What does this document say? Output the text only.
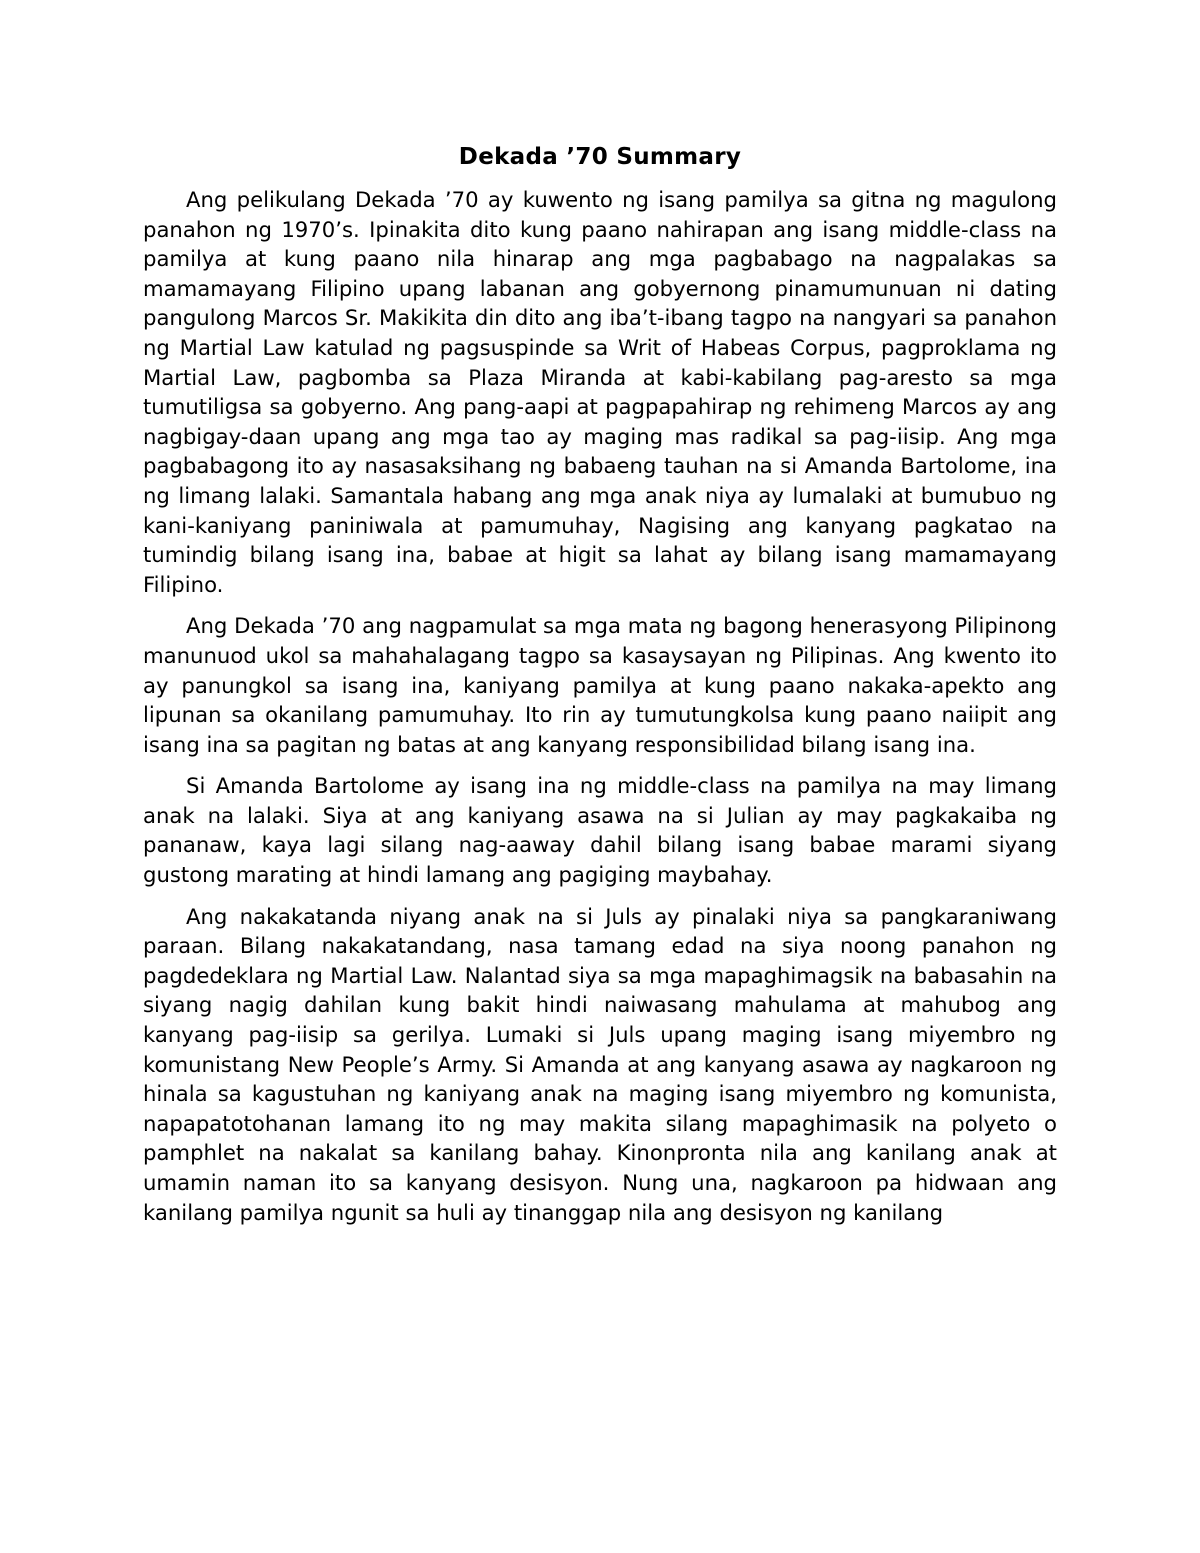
Dekada ’70 Summary

Ang pelikulang Dekada ’70 ay kuwento ng isang pamilya sa gitna ng magulong panahon ng 1970’s. Ipinakita dito kung paano nahirapan ang isang middle-class na pamilya at kung paano nila hinarap ang mga pagbabago na nagpalakas sa mamamayang Filipino upang labanan ang gobyernong pinamumunuan ni dating pangulong Marcos Sr. Makikita din dito ang iba’t-ibang tagpo na nangyari sa panahon ng Martial Law katulad ng pagsuspinde sa Writ of Habeas Corpus, pagproklama ng Martial Law, pagbomba sa Plaza Miranda at kabi-kabilang pag-aresto sa mga tumutiligsa sa gobyerno. Ang pang-aapi at pagpapahirap ng rehimeng Marcos ay ang nagbigay-daan upang ang mga tao ay maging mas radikal sa pag-iisip. Ang mga pagbabagong ito ay nasasaksihang ng babaeng tauhan na si Amanda Bartolome, ina ng limang lalaki. Samantala habang ang mga anak niya ay lumalaki at bumubuo ng kani-kaniyang paniniwala at pamumuhay, Nagising ang kanyang pagkatao na tumindig bilang isang ina, babae at higit sa lahat ay bilang isang mamamayang Filipino.

Ang Dekada ’70 ang nagpamulat sa mga mata ng bagong henerasyong Pilipinong manunuod ukol sa mahahalagang tagpo sa kasaysayan ng Pilipinas. Ang kwento ito ay panungkol sa isang ina, kaniyang pamilya at kung paano nakaka-apekto ang lipunan sa okanilang pamumuhay. Ito rin ay tumutungkolsa kung paano naiipit ang isang ina sa pagitan ng batas at ang kanyang responsibilidad bilang isang ina.

Si Amanda Bartolome ay isang ina ng middle-class na pamilya na may limang anak na lalaki. Siya at ang kaniyang asawa na si Julian ay may pagkakaiba ng pananaw, kaya lagi silang nag-aaway dahil bilang isang babae marami siyang gustong marating at hindi lamang ang pagiging maybahay.

Ang nakakatanda niyang anak na si Juls ay pinalaki niya sa pangkaraniwang paraan. Bilang nakakatandang, nasa tamang edad na siya noong panahon ng pagdedeklara ng Martial Law. Nalantad siya sa mga mapaghimagsik na babasahin na siyang nagig dahilan kung bakit hindi naiwasang mahulama at mahubog ang kanyang pag-iisip sa gerilya. Lumaki si Juls upang maging isang miyembro ng komunistang New People’s Army. Si Amanda at ang kanyang asawa ay nagkaroon ng hinala sa kagustuhan ng kaniyang anak na maging isang miyembro ng komunista, napapatotohanan lamang ito ng may makita silang mapaghimasik na polyeto o pamphlet na nakalat sa kanilang bahay. Kinonpronta nila ang kanilang anak at umamin naman ito sa kanyang desisyon. Nung una, nagkaroon pa hidwaan ang kanilang pamilya ngunit sa huli ay tinanggap nila ang desisyon ng kanilang
